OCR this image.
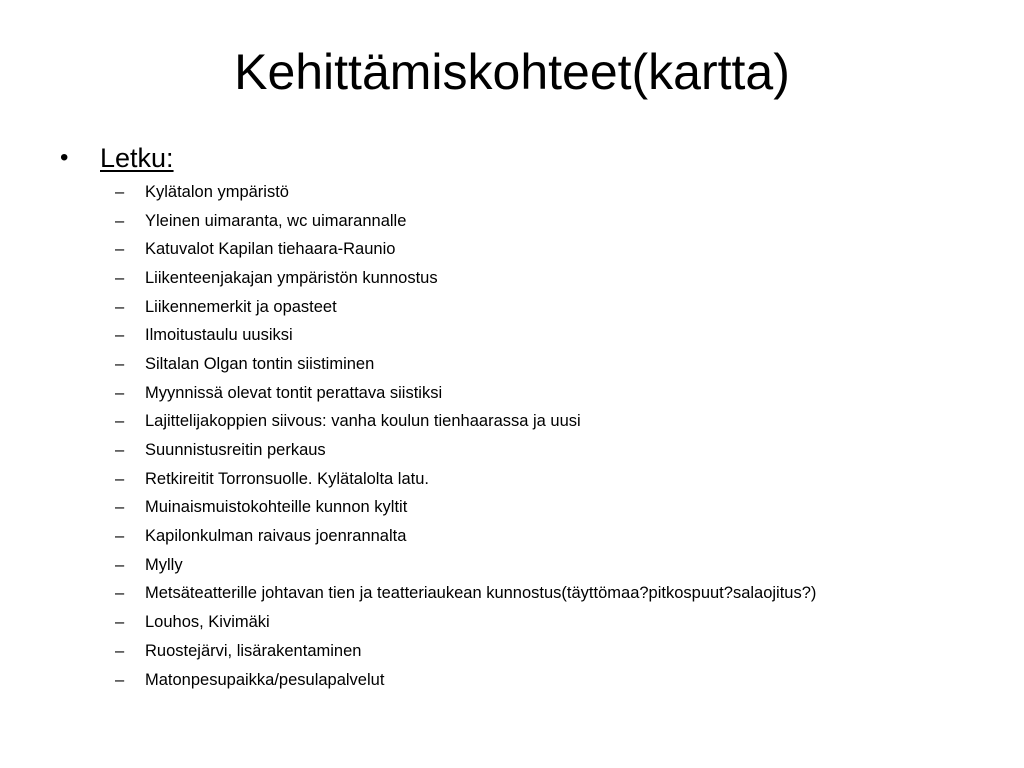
Kehittämiskohteet(kartta)
•	Letku:
–	Kylätalon ympäristö
–	Yleinen uimaranta, wc uimarannalle
–	Katuvalot Kapilan tiehaara-Raunio
–	Liikenteenjakajan ympäristön kunnostus
–	Liikennemerkit ja opasteet
–	Ilmoitustaulu uusiksi
–	Siltalan Olgan tontin siistiminen
–	Myynnissä olevat tontit perattava siistiksi
–	Lajittelijakoppien siivous: vanha koulun tienhaarassa ja uusi
–	Suunnistusreitin perkaus
–	Retkireitit Torronsuolle. Kylätalolta latu.
–	Muinaismuistokohteille kunnon kyltit
–	Kapilonkulman raivaus joenrannalta
–	Mylly
–	Metsäteatterille johtavan tien ja teatteriaukean kunnostus(täyttömaa?pitkospuut?salaojitus?)
–	Louhos, Kivimäki
–	Ruostejärvi, lisärakentaminen
–	Matonpesupaikka/pesulapalvelut
